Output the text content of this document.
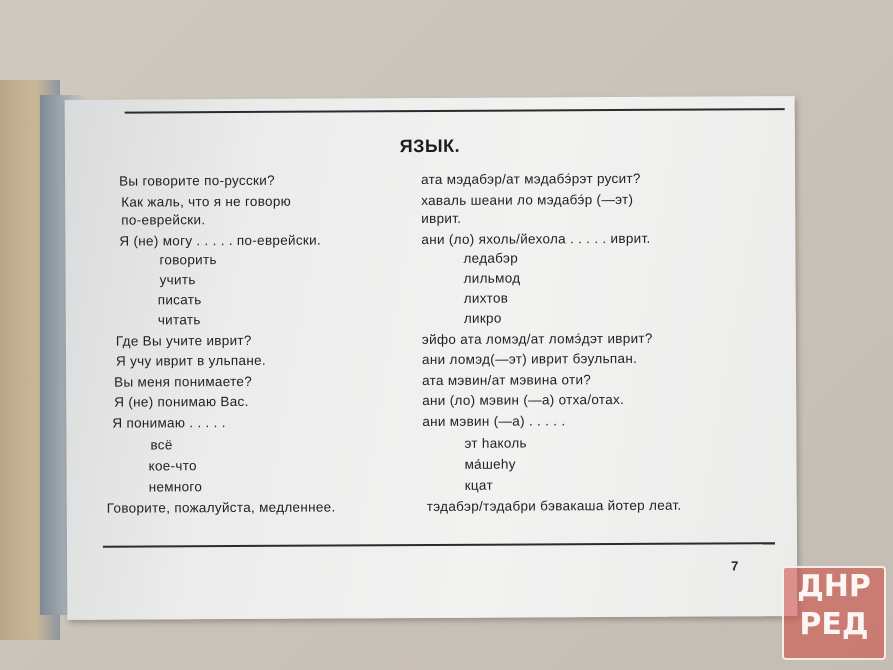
ЯЗЫК.
Вы говорите по-русски?	ата мэдабэр/ат мэдабэ́рэт русит?
Как жаль, что я не говорю	хаваль шеани ло мэдабэ́р (—эт)
по-еврейски.	иврит.
Я (не) могу . . . . . по-еврейски.	ани (ло) яхоль/йехола . . . . . иврит.
говорить	ледабэр
учить	лильмод
писать	лихтов
читать	ликро
Где Вы учите иврит?	эйфо ата ломэд/ат ломэ́дэт иврит?
Я учу иврит в ульпане.	ани ломэд(—эт) иврит бэульпан.
Вы меня понимаете?	ата мэвин/ат мэвина оти?
Я (не) понимаю Вас.	ани (ло) мэвин (—а) отха/отах.
Я понимаю . . . . .	ани мэвин (—а) . . . . .
всё	эт hаколь
кое-что	ма́шеhу
немного	кцат
Говорите, пожалуйста, медленнее.	тэдабэр/тэдабри бэвакаша йотер леат.
7
ДНР
РЕД
